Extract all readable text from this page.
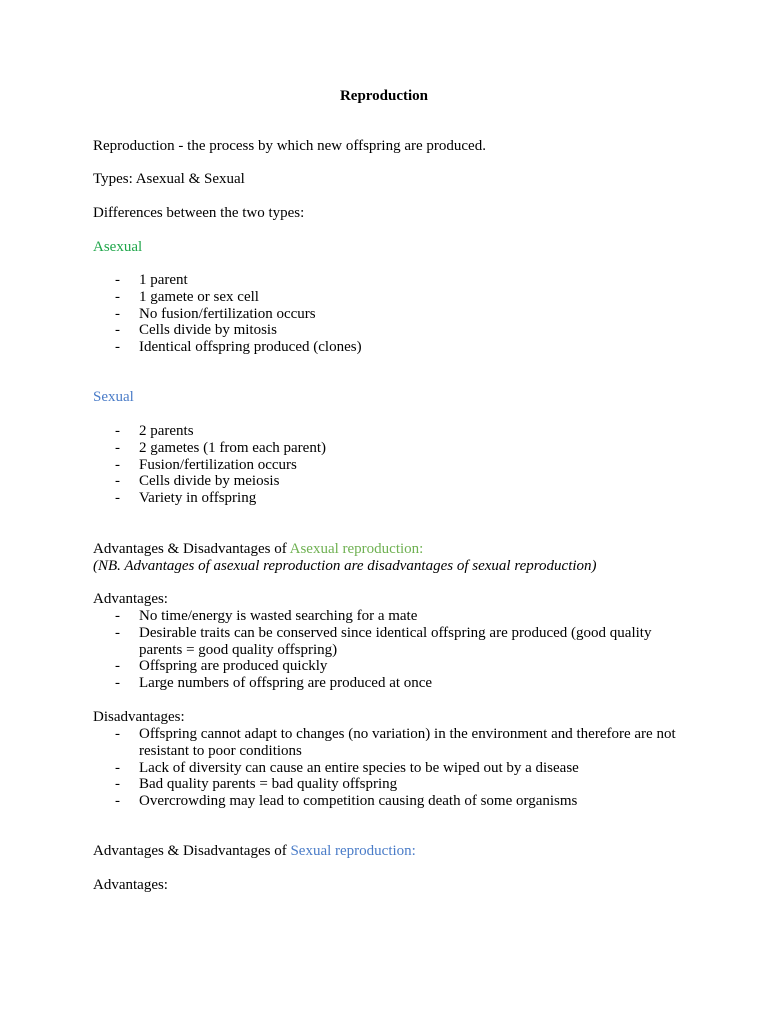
Reproduction
Reproduction - the process by which new offspring are produced.
Types: Asexual & Sexual
Differences between the two types:
Asexual
- 1 parent
- 1 gamete or sex cell
- No fusion/fertilization occurs
- Cells divide by mitosis
- Identical offspring produced (clones)
Sexual
- 2 parents
- 2 gametes (1 from each parent)
- Fusion/fertilization occurs
- Cells divide by meiosis
- Variety in offspring
Advantages & Disadvantages of Asexual reproduction:
(NB. Advantages of asexual reproduction are disadvantages of sexual reproduction)
Advantages:
- No time/energy is wasted searching for a mate
- Desirable traits can be conserved since identical offspring are produced (good quality parents = good quality offspring)
- Offspring are produced quickly
- Large numbers of offspring are produced at once
Disadvantages:
- Offspring cannot adapt to changes (no variation) in the environment and therefore are not resistant to poor conditions
- Lack of diversity can cause an entire species to be wiped out by a disease
- Bad quality parents = bad quality offspring
- Overcrowding may lead to competition causing death of some organisms
Advantages & Disadvantages of Sexual reproduction:
Advantages:
